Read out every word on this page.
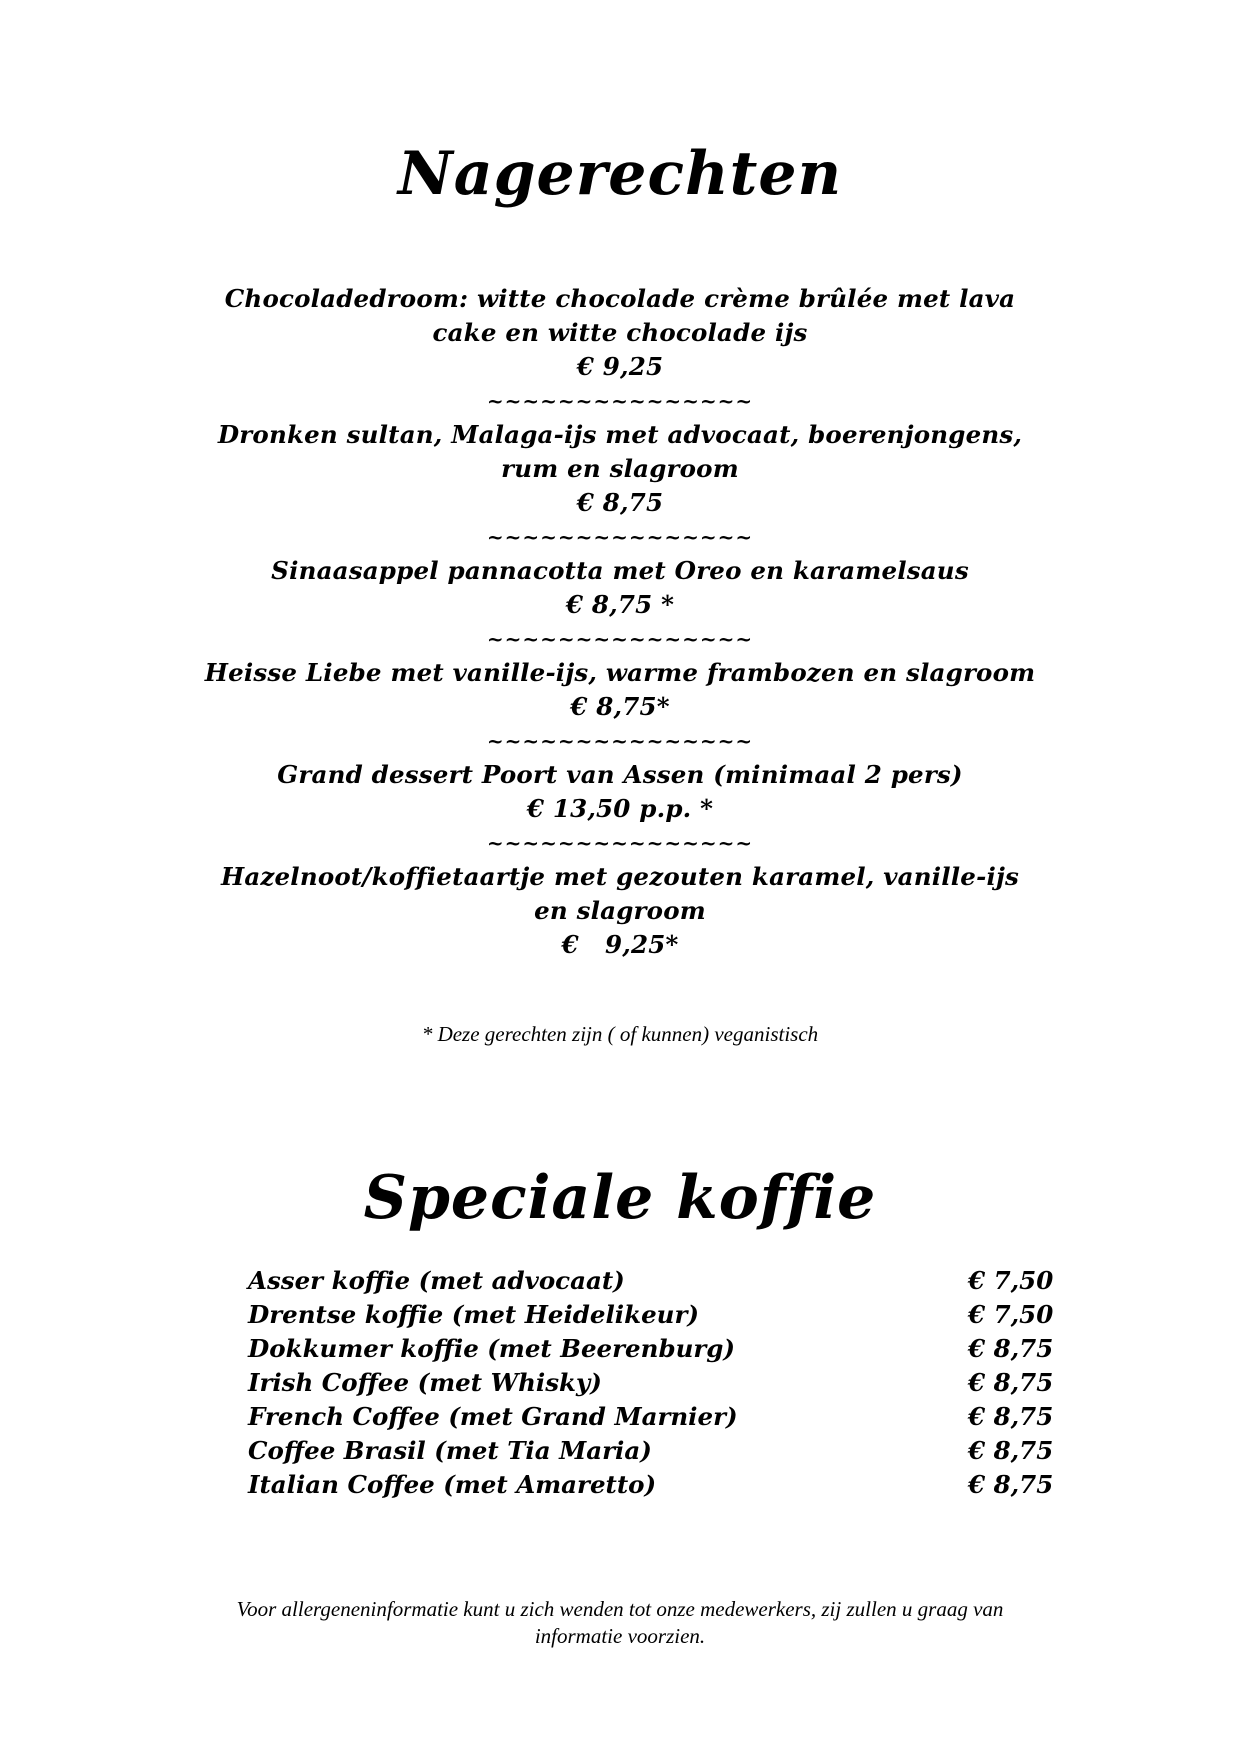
Nagerechten
Chocoladedroom: witte chocolade crème brûlée met lava
cake en witte chocolade ijs
€ 9,25
~~~~~~~~~~~~~~~
Dronken sultan, Malaga-ijs met advocaat, boerenjongens,
rum en slagroom
€ 8,75
~~~~~~~~~~~~~~~
Sinaasappel pannacotta met Oreo en karamelsaus
€ 8,75 *
~~~~~~~~~~~~~~~
Heisse Liebe met vanille-ijs, warme frambozen en slagroom
€ 8,75*
~~~~~~~~~~~~~~~
Grand dessert Poort van Assen (minimaal 2 pers)
€ 13,50 p.p. *
~~~~~~~~~~~~~~~
Hazelnoot/koffietaartje met gezouten karamel, vanille-ijs
en slagroom
€   9,25*
* Deze gerechten zijn ( of kunnen) veganistisch
Speciale koffie
Asser koffie (met advocaat)	€ 7,50
Drentse koffie (met Heidelikeur)	€ 7,50
Dokkumer koffie (met Beerenburg)	€ 8,75
Irish Coffee (met Whisky)	€ 8,75
French Coffee (met Grand Marnier)	€ 8,75
Coffee Brasil (met Tia Maria)	€ 8,75
Italian Coffee (met Amaretto)	€ 8,75
Voor allergeneninformatie kunt u zich wenden tot onze medewerkers, zij zullen u graag van
informatie voorzien.
